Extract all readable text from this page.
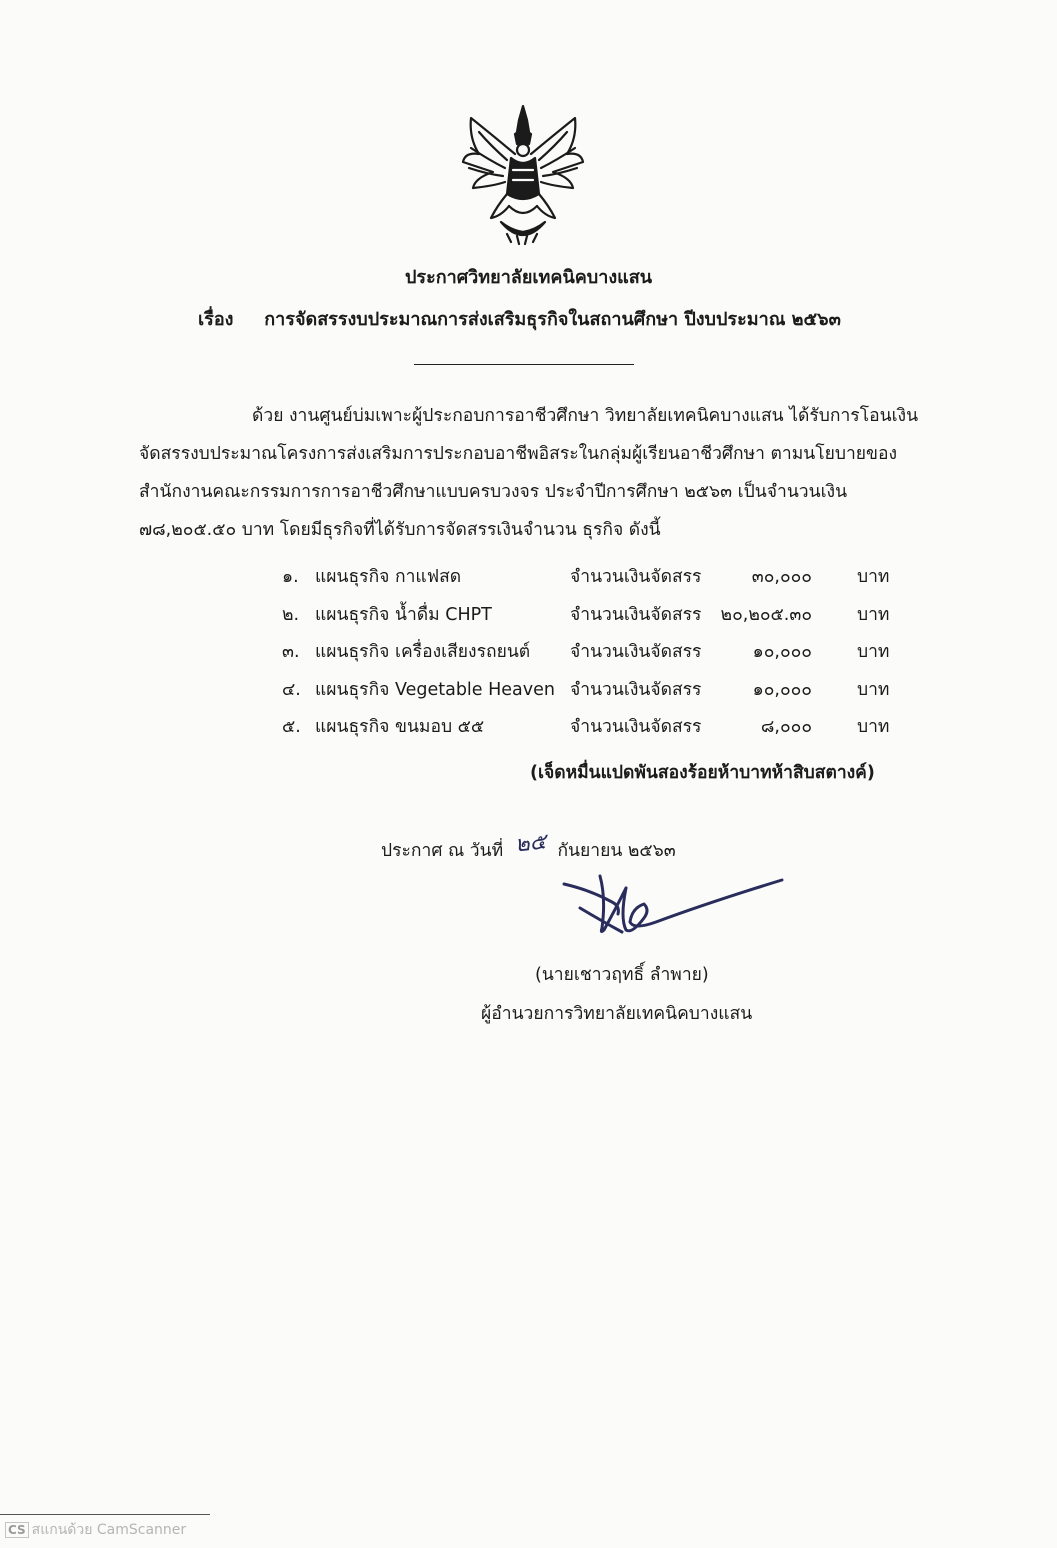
ประกาศวิทยาลัยเทคนิคบางแสน
เรื่อง การจัดสรรงบประมาณการส่งเสริมธุรกิจในสถานศึกษา ปีงบประมาณ ๒๕๖๓
ด้วย งานศูนย์บ่มเพาะผู้ประกอบการอาชีวศึกษา วิทยาลัยเทคนิคบางแสน ได้รับการโอนเงิน
จัดสรรงบประมาณโครงการส่งเสริมการประกอบอาชีพอิสระในกลุ่มผู้เรียนอาชีวศึกษา ตามนโยบายของ
สำนักงานคณะกรรมการการอาชีวศึกษาแบบครบวงจร ประจำปีการศึกษา ๒๕๖๓ เป็นจำนวนเงิน
๗๘,๒๐๕.๕๐ บาท โดยมีธุรกิจที่ได้รับการจัดสรรเงินจำนวน ธุรกิจ ดังนี้
๑. แผนธุรกิจ กาแฟสด	จำนวนเงินจัดสรร	๓๐,๐๐๐	บาท
๒. แผนธุรกิจ น้ำดื่ม CHPT	จำนวนเงินจัดสรร	๒๐,๒๐๕.๓๐	บาท
๓. แผนธุรกิจ เครื่องเสียงรถยนต์ จำนวนเงินจัดสรร	๑๐,๐๐๐	บาท
๔. แผนธุรกิจ Vegetable Heaven จำนวนเงินจัดสรร	๑๐,๐๐๐	บาท
๕. แผนธุรกิจ ขนมอบ ๕๕	จำนวนเงินจัดสรร	๘,๐๐๐	บาท
(เจ็ดหมื่นแปดพันสองร้อยห้าบาทห้าสิบสตางค์)
ประกาศ ณ วันที่ ๒๕ กันยายน ๒๕๖๓
(นายเชาวฤทธิ์ ลำพาย)
ผู้อำนวยการวิทยาลัยเทคนิคบางแสน
CS สแกนด้วย CamScanner
